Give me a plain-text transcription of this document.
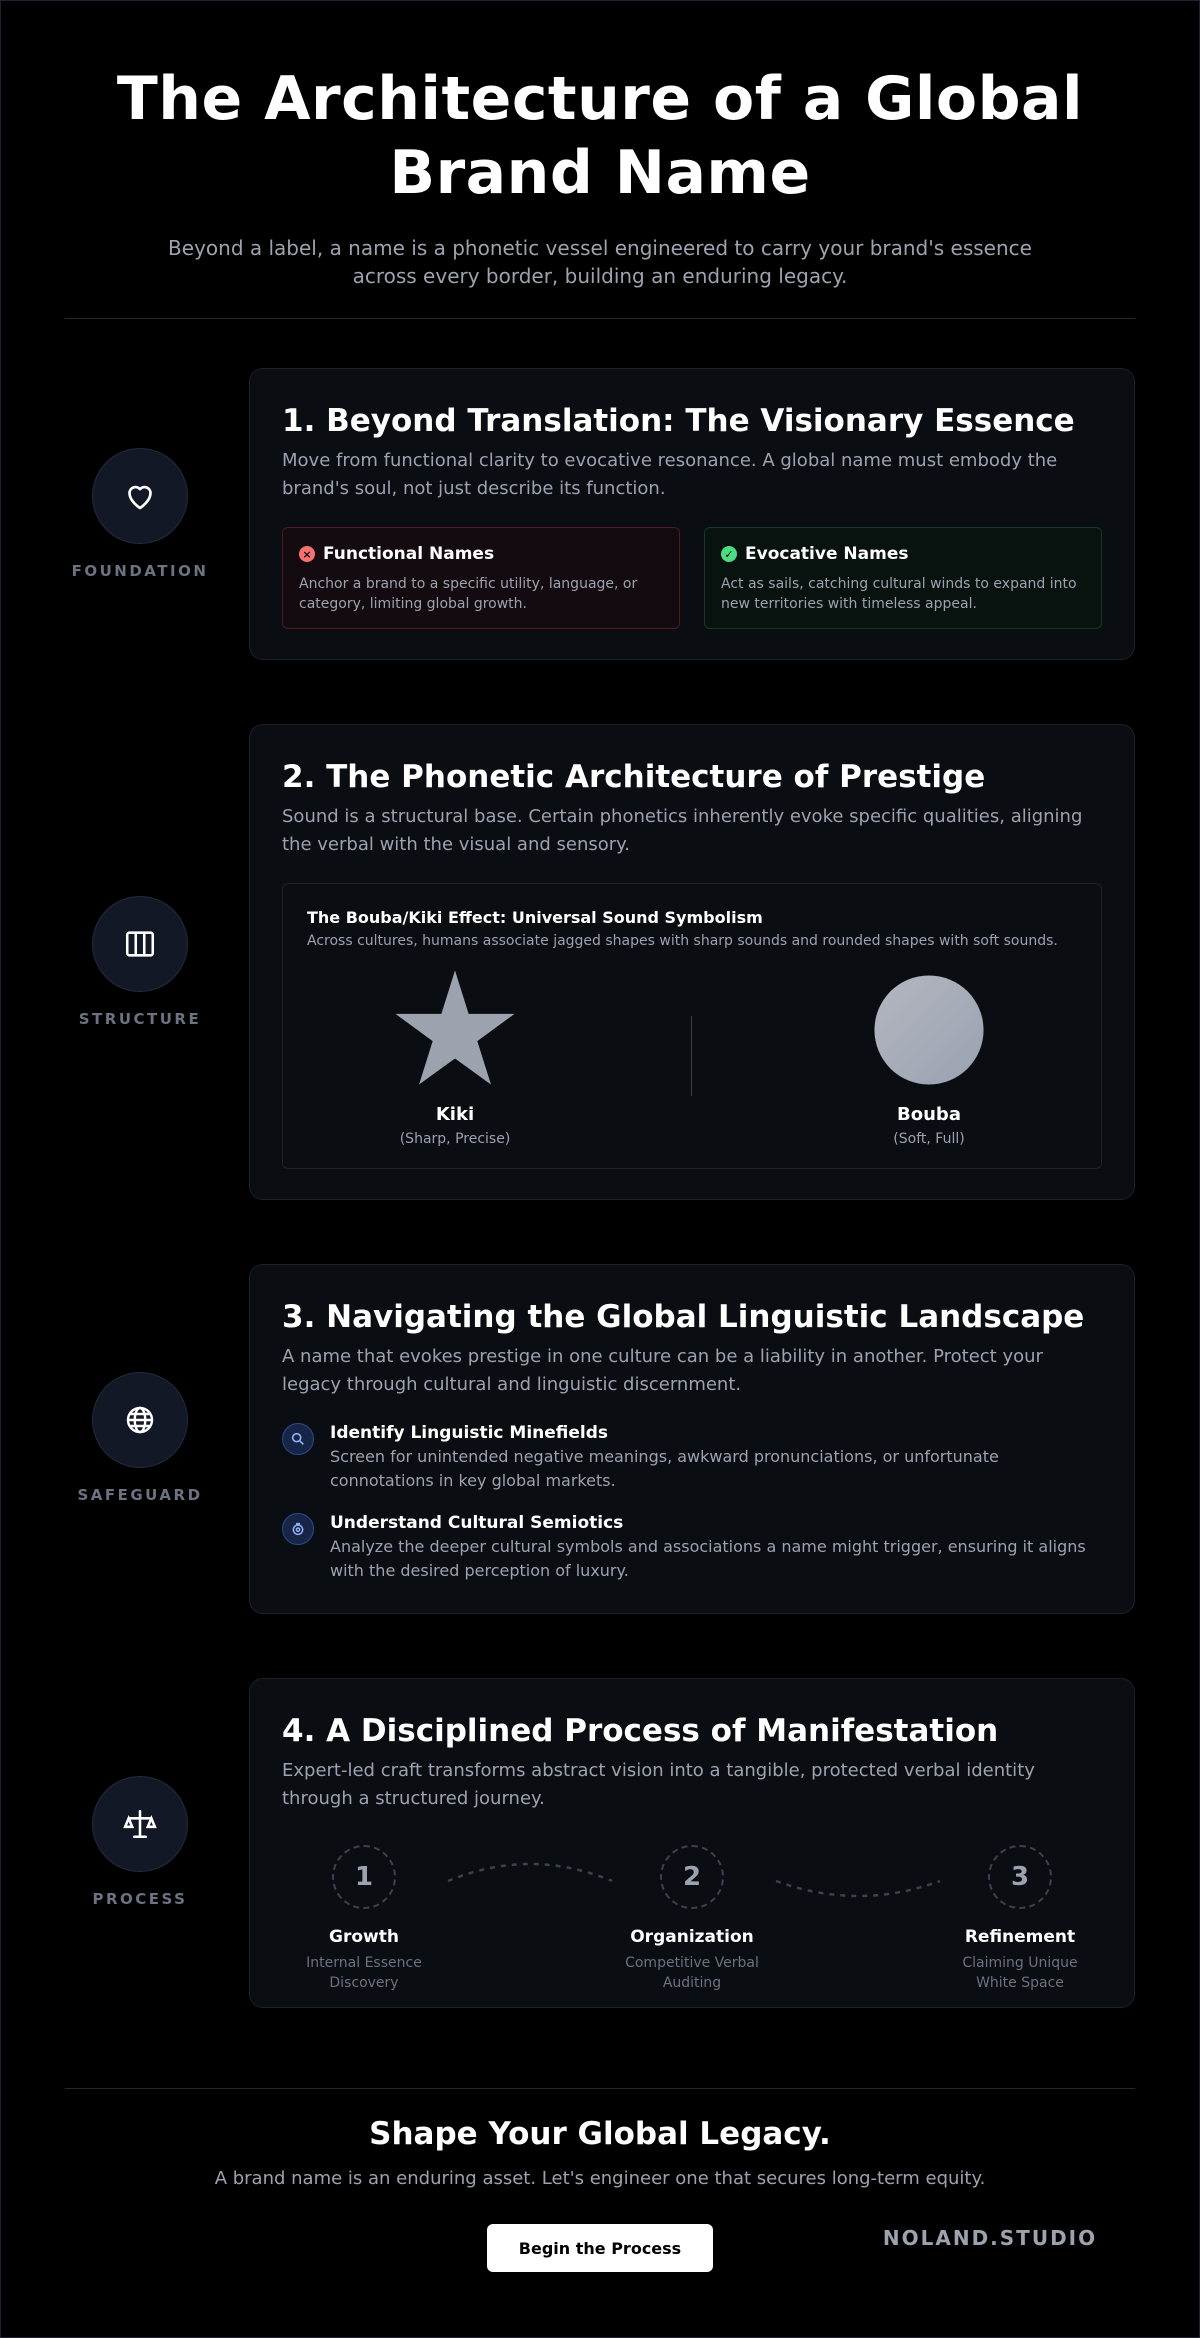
The Architecture of a Global Brand Name

Beyond a label, a name is a phonetic vessel engineered to carry your brand's essence across every border, building an enduring legacy.

FOUNDATION
1. Beyond Translation: The Visionary Essence

Move from functional clarity to evocative resonance. A global name must embody the brand's soul, not just describe its function.

× Functional Names

Anchor a brand to a specific utility, language, or category, limiting global growth.

✓ Evocative Names

Act as sails, catching cultural winds to expand into new territories with timeless appeal.

STRUCTURE
2. The Phonetic Architecture of Prestige

Sound is a structural base. Certain phonetics inherently evoke specific qualities, aligning the verbal with the visual and sensory.

The Bouba/Kiki Effect: Universal Sound Symbolism

Across cultures, humans associate jagged shapes with sharp sounds and rounded shapes with soft sounds.

Kiki
(Sharp, Precise)
Bouba
(Soft, Full)
SAFEGUARD
3. Navigating the Global Linguistic Landscape

A name that evokes prestige in one culture can be a liability in another. Protect your legacy through cultural and linguistic discernment.

Identify Linguistic Minefields

Screen for unintended negative meanings, awkward pronunciations, or unfortunate connotations in key global markets.

Understand Cultural Semiotics

Analyze the deeper cultural symbols and associations a name might trigger, ensuring it aligns with the desired perception of luxury.

PROCESS
4. A Disciplined Process of Manifestation

Expert-led craft transforms abstract vision into a tangible, protected verbal identity through a structured journey.

1
Growth
Internal Essence Discovery
2
Organization
Competitive Verbal Auditing
3
Refinement
Claiming Unique White Space
Shape Your Global Legacy.

A brand name is an enduring asset. Let's engineer one that secures long-term equity.

Begin the Process	NOLAND.STUDIO
